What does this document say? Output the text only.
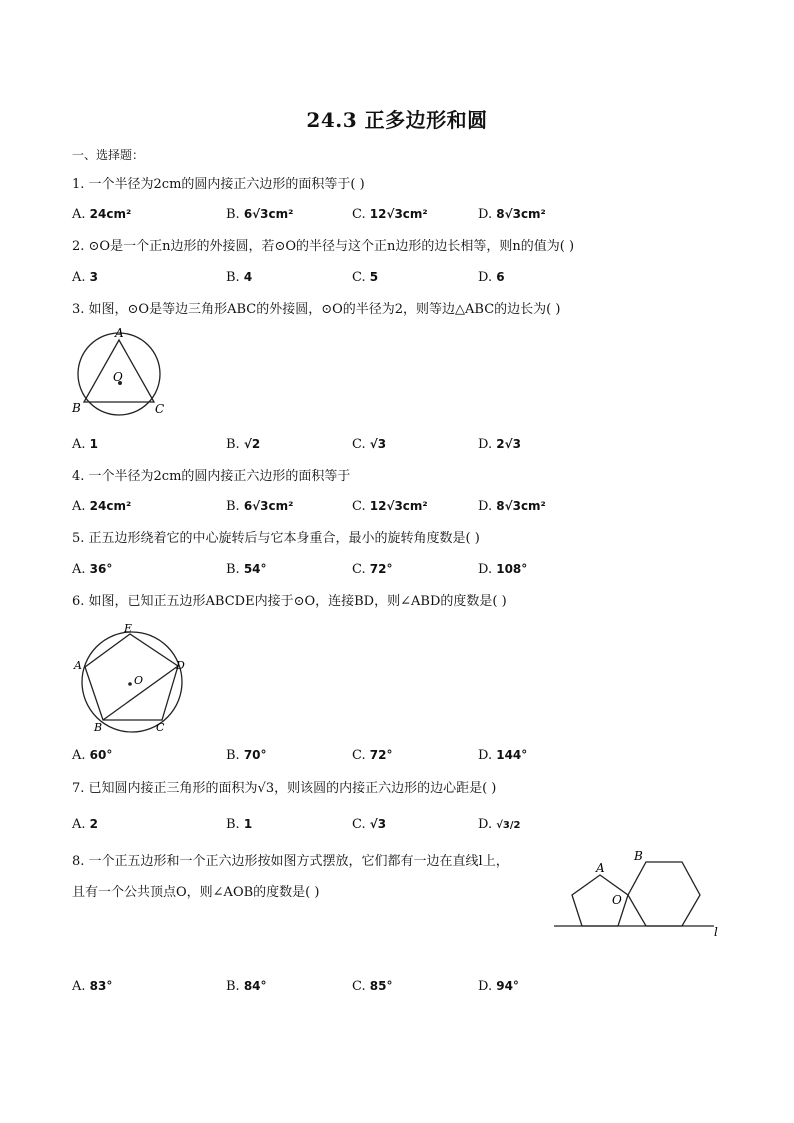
24.3 正多边形和圆
一、选择题：
1. 一个半径为2cm的圆内接正六边形的面积等于( )
A. 24cm²	B. 6√3cm²	C. 12√3cm²	D. 8√3cm²
2. ⊙O是一个正n边形的外接圆，若⊙O的半径与这个正n边形的边长相等，则n的值为( )
A. 3	B. 4	C. 5	D. 6
3. 如图，⊙O是等边三角形ABC的外接圆，⊙O的半径为2，则等边△ABC的边长为( )
A
O
B	C
A. 1	B. √2	C. √3	D. 2√3
4. 一个半径为2cm的圆内接正六边形的面积等于
A. 24cm²	B. 6√3cm²	C. 12√3cm²	D. 8√3cm²
5. 正五边形绕着它的中心旋转后与它本身重合，最小的旋转角度数是( )
A. 36°	B. 54°	C. 72°	D. 108°
6. 如图，已知正五边形ABCDE内接于⊙O，连接BD，则∠ABD的度数是( )
E
A	D
O
B	C
A. 60°	B. 70°	C. 72°	D. 144°
7. 已知圆内接正三角形的面积为√3，则该圆的内接正六边形的边心距是( )
A. 2	B. 1	C. √3	D. √3/2
8. 一个正五边形和一个正六边形按如图方式摆放，它们都有一边在直线l上，
且有一个公共顶点O，则∠AOB的度数是( )
A
B
O
l
A. 83°	B. 84°	C. 85°	D. 94°
